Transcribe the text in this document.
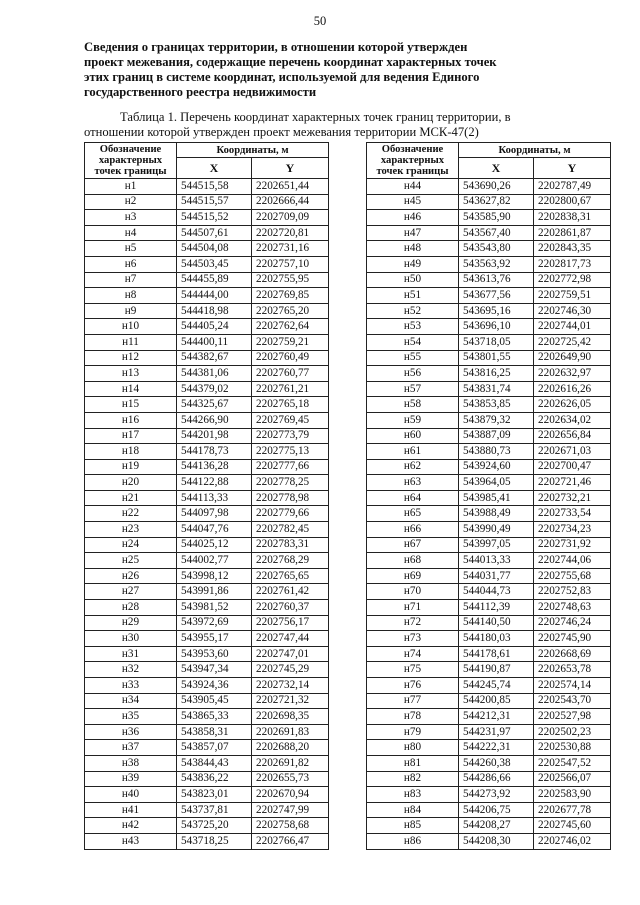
50
Сведения о границах территории, в отношении которой утвержден
проект межевания, содержащие перечень координат характерных точек
этих границ в системе координат, используемой для ведения Единого
государственного реестра недвижимости
Таблица 1. Перечень координат характерных точек границ территории, в
отношении которой утвержден проект межевания территории МСК-47(2)
Обозначение характерных точек границы	Координаты, м	
	X	Y
н1	544515,58	2202651,44
н2	544515,57	2202666,44
н3	544515,52	2202709,09
н4	544507,61	2202720,81
н5	544504,08	2202731,16
н6	544503,45	2202757,10
н7	544455,89	2202755,95
н8	544444,00	2202769,85
н9	544418,98	2202765,20
н10	544405,24	2202762,64
н11	544400,11	2202759,21
н12	544382,67	2202760,49
н13	544381,06	2202760,77
н14	544379,02	2202761,21
н15	544325,67	2202765,18
н16	544266,90	2202769,45
н17	544201,98	2202773,79
н18	544178,73	2202775,13
н19	544136,28	2202777,66
н20	544122,88	2202778,25
н21	544113,33	2202778,98
н22	544097,98	2202779,66
н23	544047,76	2202782,45
н24	544025,12	2202783,31
н25	544002,77	2202768,29
н26	543998,12	2202765,65
н27	543991,86	2202761,42
н28	543981,52	2202760,37
н29	543972,69	2202756,17
н30	543955,17	2202747,44
н31	543953,60	2202747,01
н32	543947,34	2202745,29
н33	543924,36	2202732,14
н34	543905,45	2202721,32
н35	543865,33	2202698,35
н36	543858,31	2202691,83
н37	543857,07	2202688,20
н38	543844,43	2202691,82
н39	543836,22	2202655,73
н40	543823,01	2202670,94
н41	543737,81	2202747,99
н42	543725,20	2202758,68
н43	543718,25	2202766,47
Обозначение характерных точек границы	Координаты, м	
	X	Y
н44	543690,26	2202787,49
н45	543627,82	2202800,67
н46	543585,90	2202838,31
н47	543567,40	2202861,87
н48	543543,80	2202843,35
н49	543563,92	2202817,73
н50	543613,76	2202772,98
н51	543677,56	2202759,51
н52	543695,16	2202746,30
н53	543696,10	2202744,01
н54	543718,05	2202725,42
н55	543801,55	2202649,90
н56	543816,25	2202632,97
н57	543831,74	2202616,26
н58	543853,85	2202626,05
н59	543879,32	2202634,02
н60	543887,09	2202656,84
н61	543880,73	2202671,03
н62	543924,60	2202700,47
н63	543964,05	2202721,46
н64	543985,41	2202732,21
н65	543988,49	2202733,54
н66	543990,49	2202734,23
н67	543997,05	2202731,92
н68	544013,33	2202744,06
н69	544031,77	2202755,68
н70	544044,73	2202752,83
н71	544112,39	2202748,63
н72	544140,50	2202746,24
н73	544180,03	2202745,90
н74	544178,61	2202668,69
н75	544190,87	2202653,78
н76	544245,74	2202574,14
н77	544200,85	2202543,70
н78	544212,31	2202527,98
н79	544231,97	2202502,23
н80	544222,31	2202530,88
н81	544260,38	2202547,52
н82	544286,66	2202566,07
н83	544273,92	2202583,90
н84	544206,75	2202677,78
н85	544208,27	2202745,60
н86	544208,30	2202746,02
